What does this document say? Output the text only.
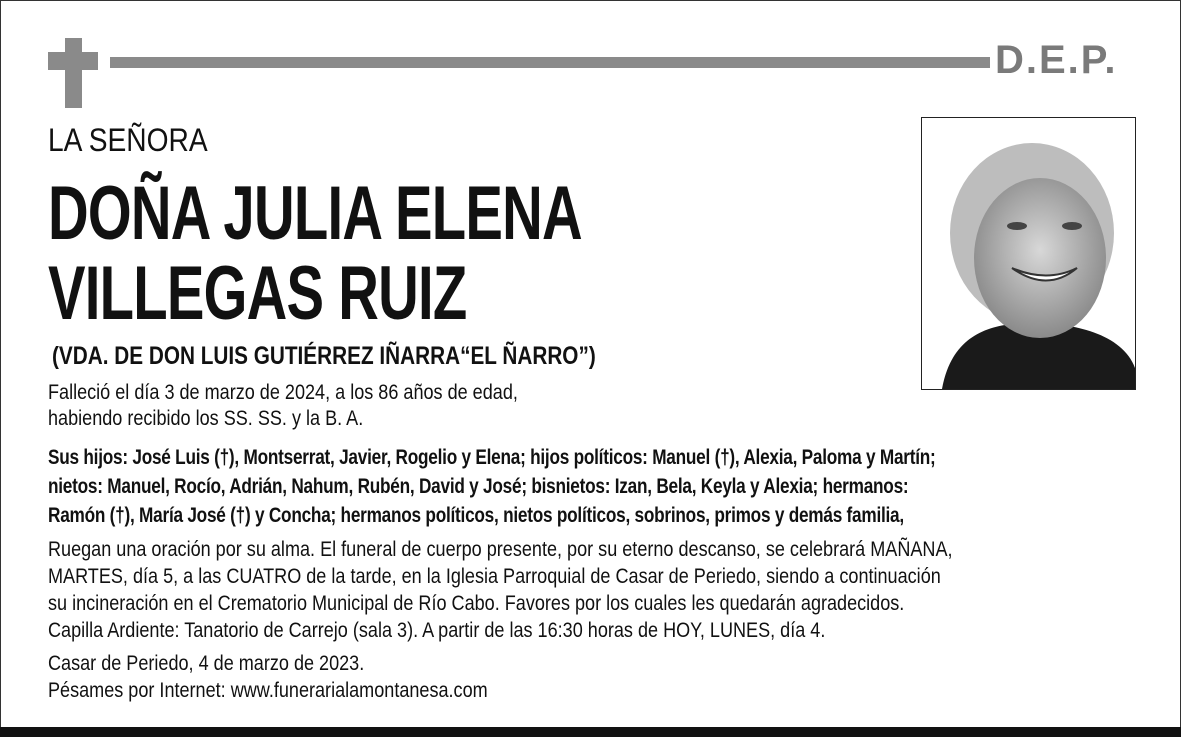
D.E.P.
LA SEÑORA
DOÑA JULIA ELENA
VILLEGAS RUIZ
(VDA. DE DON LUIS GUTIÉRREZ IÑARRA“EL ÑARRO”)
Falleció el día 3 de marzo de 2024, a los 86 años de edad,
habiendo recibido los SS. SS. y la B. A.
Sus hijos: José Luis (†), Montserrat, Javier, Rogelio y Elena; hijos políticos: Manuel (†), Alexia, Paloma y Martín;
nietos: Manuel, Rocío, Adrián, Nahum, Rubén, David y José; bisnietos: Izan, Bela, Keyla y Alexia; hermanos:
Ramón (†), María José (†) y Concha; hermanos políticos, nietos políticos, sobrinos, primos y demás familia,
Ruegan una oración por su alma. El funeral de cuerpo presente, por su eterno descanso, se celebrará MAÑANA,
MARTES, día 5, a las CUATRO de la tarde, en la Iglesia Parroquial de Casar de Periedo, siendo a continuación
su incineración en el Crematorio Municipal de Río Cabo. Favores por los cuales les quedarán agradecidos.
Capilla Ardiente: Tanatorio de Carrejo (sala 3). A partir de las 16:30 horas de HOY, LUNES, día 4.
Casar de Periedo, 4 de marzo de 2023.
Pésames por Internet: www.funerarialamontanesa.com
